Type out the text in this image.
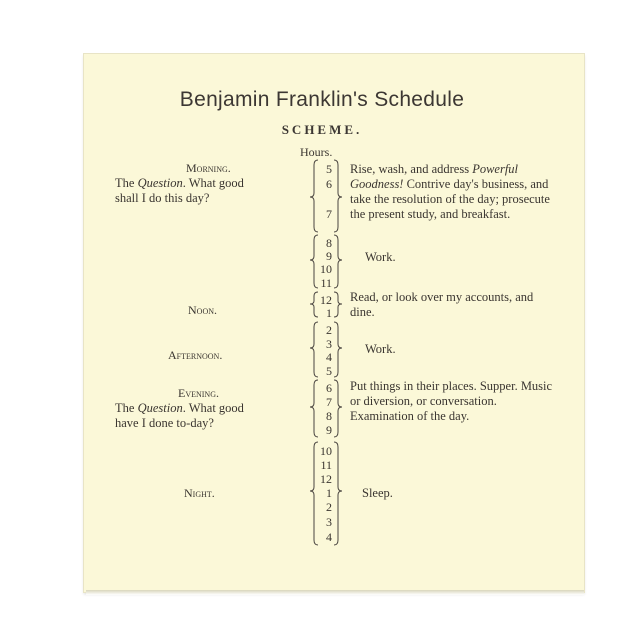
Benjamin Franklin's Schedule
SCHEME.
Hours.
Morning.
The Question. What good
shall I do this day?
Noon.
Afternoon.
Evening.
The Question. What good
have I done to-day?
Night.
5
6
7
8
9
10
11
12
1
2
3
4
5
6
7
8
9
10
11
12
1
2
3
4

Rise, wash, and address Powerful Goodness! Contrive day's business, and take the resolution of the day; prosecute the present study, and breakfast.

Work.
Read, or look over my accounts, and dine.
Work.
Put things in their places. Supper. Music or diversion, or conversation. Examination of the day.
Sleep.
